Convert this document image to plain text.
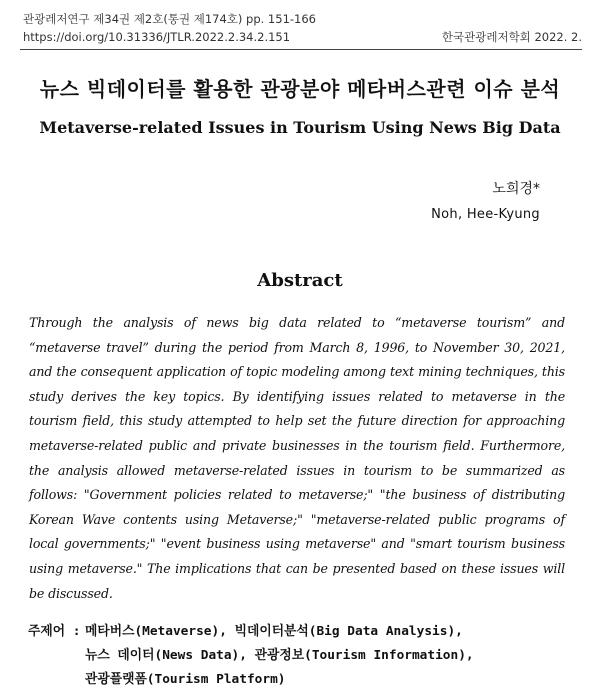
관광레저연구 제34권 제2호(통권 제174호) pp. 151-166
https://doi.org/10.31336/JTLR.2022.2.34.2.151	한국관광레저학회 2022. 2.
뉴스 빅데이터를 활용한 관광분야 메타버스관련 이슈 분석
Metaverse-related Issues in Tourism Using News Big Data
노희경*
Noh, Hee-Kyung
Abstract
Through the analysis of news big data related to “metaverse tourism” and “metaverse travel” during the period from March 8, 1996, to November 30, 2021, and the consequent application of topic modeling among text mining techniques, this study derives the key topics. By identifying issues related to metaverse in the tourism field, this study attempted to help set the future direction for approaching metaverse-related public and private businesses in the tourism field. Furthermore, the analysis allowed metaverse-related issues in tourism to be summarized as follows: "Government policies related to metaverse;" "the business of distributing Korean Wave contents using Metaverse;" "metaverse-related public programs of local governments;" "event business using metaverse" and "smart tourism business using metaverse." The implications that can be presented based on these issues will be discussed.
주제어 : 메타버스(Metaverse), 빅데이터분석(Big Data Analysis),
뉴스 데이터(News Data), 관광정보(Tourism Information),
관광플랫폼(Tourism Platform)
